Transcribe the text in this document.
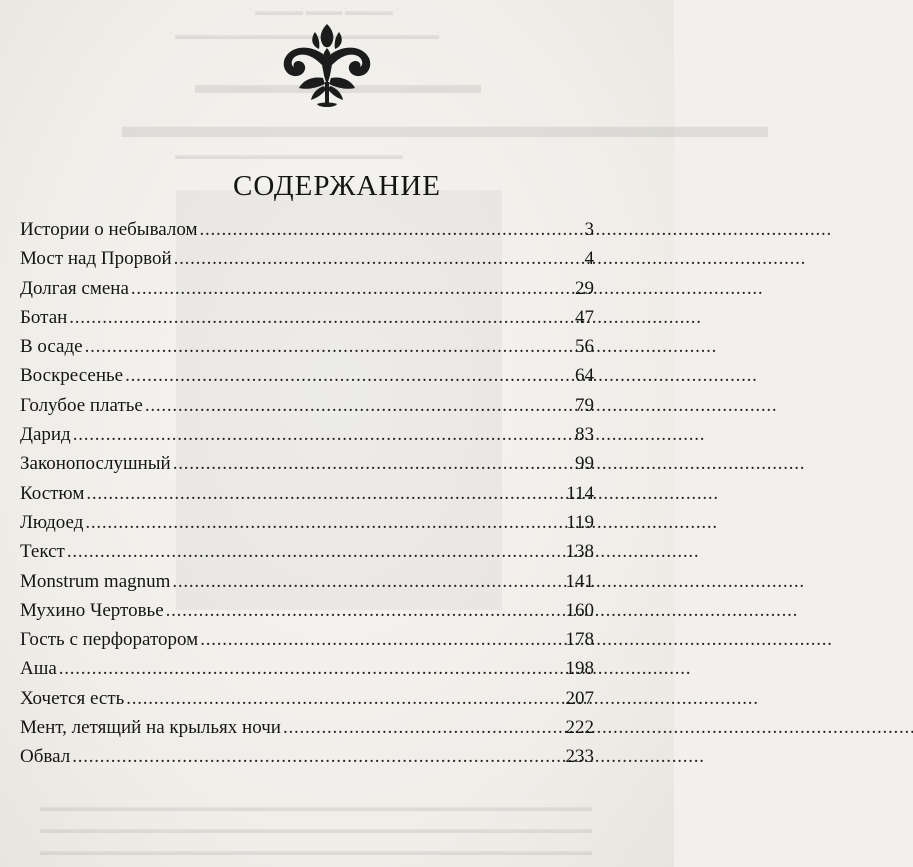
▬▬▬▬ ▬▬▬ ▬▬▬▬
▬▬▬▬▬▬▬▬▬▬▬▬▬▬▬▬▬▬▬▬▬▬
▬▬▬▬▬▬▬▬▬▬▬▬▬▬▬▬▬▬▬
▬▬▬▬▬▬▬▬▬▬▬▬▬▬▬▬▬▬▬
▬▬▬▬▬▬▬▬▬▬▬▬▬▬▬▬▬▬▬▬▬▬▬▬▬▬▬▬▬▬▬▬▬▬▬▬▬▬▬▬▬▬▬▬▬▬
▬▬▬▬▬▬▬▬▬▬▬▬▬▬▬▬▬▬▬▬▬▬▬▬▬▬▬▬▬▬▬▬▬▬▬▬▬▬▬▬▬▬▬▬▬▬
▬▬▬▬▬▬▬▬▬▬▬▬▬▬▬▬▬▬▬▬▬▬▬▬▬▬▬▬▬▬▬▬▬▬▬▬▬▬▬▬▬▬▬▬▬▬
СОДЕРЖАНИЕ
Истории о небывалом . . .	3
Мост над Прорвой . . .	4
Долгая смена . . .	29
Ботан . . .	47
В осаде . . .	56
Воскресенье . . .	64
Голубое платье . . .	79
Дарид . . .	83
Законопослушный . . .	99
Костюм . . .	114
Людоед . . .	119
Текст . . .	138
Monstrum magnum . . .	141
Мухино Чертовье . . .	160
Гость с перфоратором . . .	178
Аша . . .	198
Хочется есть . . .	207
Мент, летящий на крыльях ночи . . .	222
Обвал . . .	233
